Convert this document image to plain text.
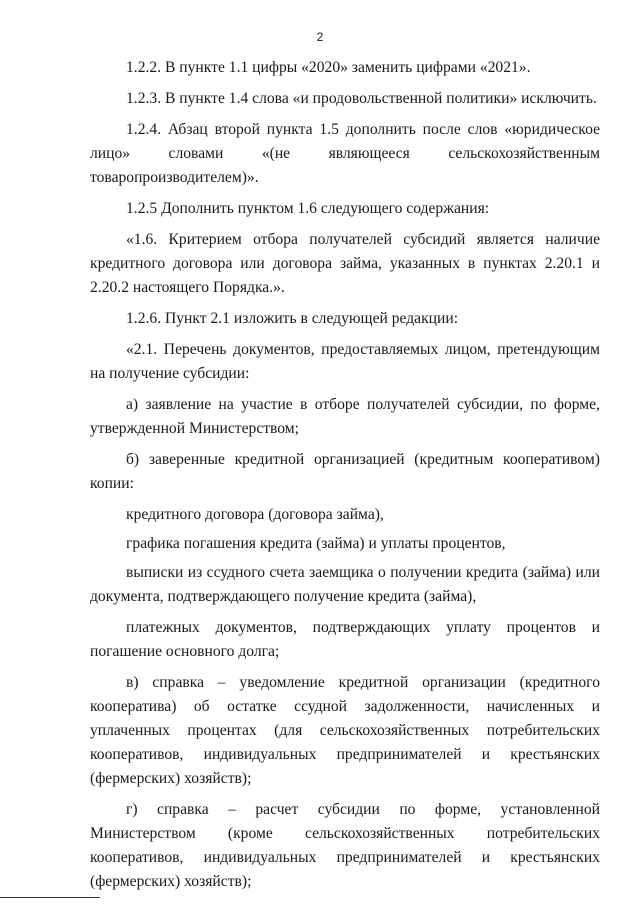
2

1.2.2. В пункте 1.1 цифры «2020» заменить цифрами «2021».

1.2.3. В пункте 1.4 слова «и продовольственной политики» исключить.

1.2.4. Абзац второй пункта 1.5 дополнить после слов «юридическое лицо» словами «(не являющееся сельскохозяйственным товаропроизводителем)».

1.2.5 Дополнить пунктом 1.6 следующего содержания:

«1.6. Критерием отбора получателей субсидий является наличие кредитного договора или договора займа, указанных в пунктах 2.20.1 и 2.20.2 настоящего Порядка.».

1.2.6. Пункт 2.1 изложить в следующей редакции:

«2.1. Перечень документов, предоставляемых лицом, претендующим на получение субсидии:

а) заявление на участие в отборе получателей субсидии, по форме, утвержденной Министерством;

б) заверенные кредитной организацией (кредитным кооперативом) копии:

кредитного договора (договора займа),

графика погашения кредита (займа) и уплаты процентов,

выписки из ссудного счета заемщика о получении кредита (займа) или документа, подтверждающего получение кредита (займа),

платежных документов, подтверждающих уплату процентов и погашение основного долга;

в) справка – уведомление кредитной организации (кредитного кооператива) об остатке ссудной задолженности, начисленных и уплаченных процентах (для сельскохозяйственных потребительских кооперативов, индивидуальных предпринимателей и крестьянских (фермерских) хозяйств);

г) справка – расчет субсидии по форме, установленной Министерством (кроме сельскохозяйственных потребительских кооперативов, индивидуальных предпринимателей и крестьянских (фермерских) хозяйств);
